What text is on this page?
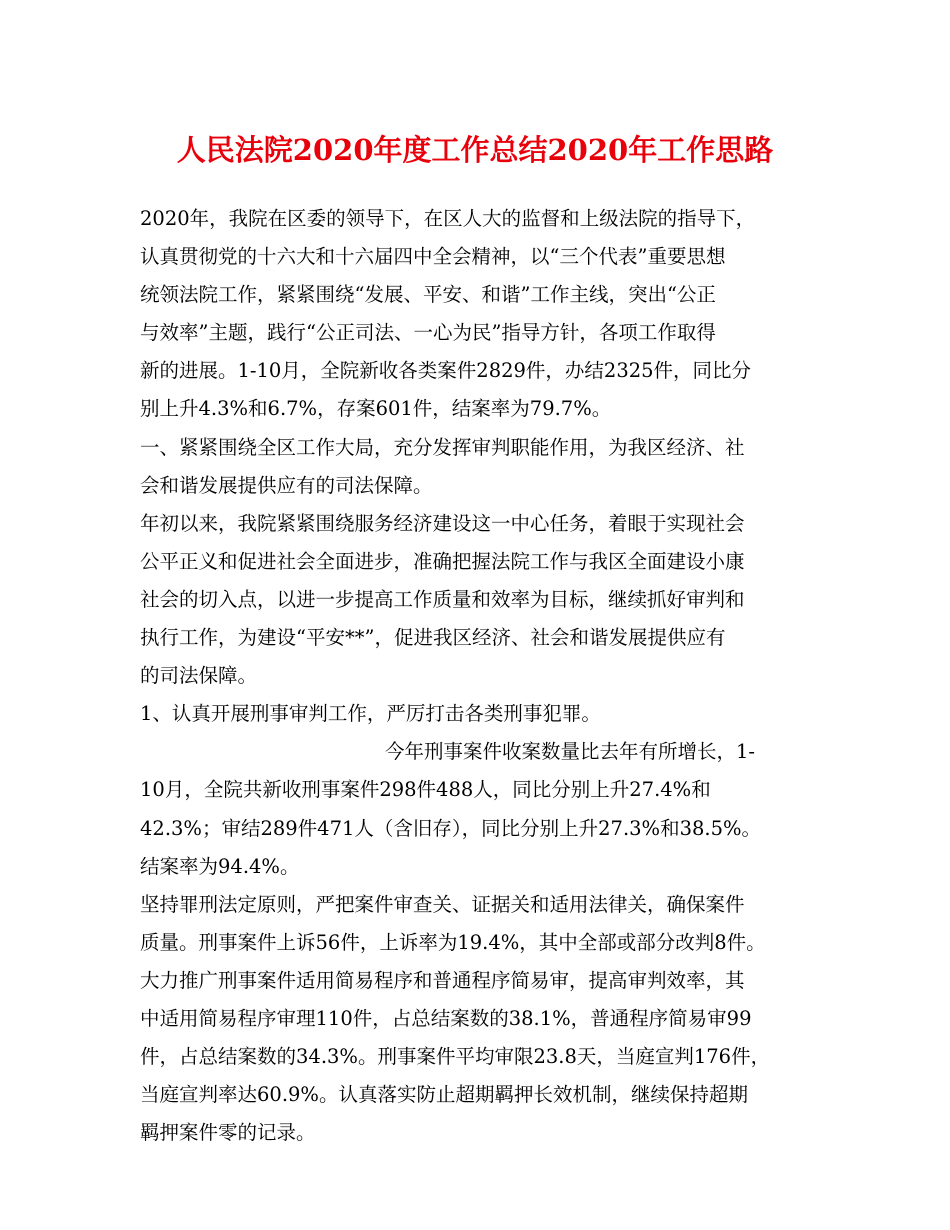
人民法院2020年度工作总结2020年工作思路
2020年，我院在区委的领导下，在区人大的监督和上级法院的指导下，
认真贯彻党的十六大和十六届四中全会精神，以“三个代表”重要思想
统领法院工作，紧紧围绕“发展、平安、和谐”工作主线，突出“公正
与效率”主题，践行“公正司法、一心为民”指导方针，各项工作取得
新的进展。1-10月，全院新收各类案件2829件，办结2325件，同比分
别上升4.3%和6.7%，存案601件，结案率为79.7%。
一、紧紧围绕全区工作大局，充分发挥审判职能作用，为我区经济、社
会和谐发展提供应有的司法保障。
年初以来，我院紧紧围绕服务经济建设这一中心任务，着眼于实现社会
公平正义和促进社会全面进步，准确把握法院工作与我区全面建设小康
社会的切入点，以进一步提高工作质量和效率为目标，继续抓好审判和
执行工作，为建设“平安**”，促进我区经济、社会和谐发展提供应有
的司法保障。
1、认真开展刑事审判工作，严厉打击各类刑事犯罪。
今年刑事案件收案数量比去年有所增长，1-
10月，全院共新收刑事案件298件488人，同比分别上升27.4%和
42.3%；审结289件471人（含旧存），同比分别上升27.3%和38.5%。
结案率为94.4%。
坚持罪刑法定原则，严把案件审查关、证据关和适用法律关，确保案件
质量。刑事案件上诉56件，上诉率为19.4%，其中全部或部分改判8件。
大力推广刑事案件适用简易程序和普通程序简易审，提高审判效率，其
中适用简易程序审理110件，占总结案数的38.1%，普通程序简易审99
件，占总结案数的34.3%。刑事案件平均审限23.8天，当庭宣判176件，
当庭宣判率达60.9%。认真落实防止超期羁押长效机制，继续保持超期
羁押案件零的记录。
